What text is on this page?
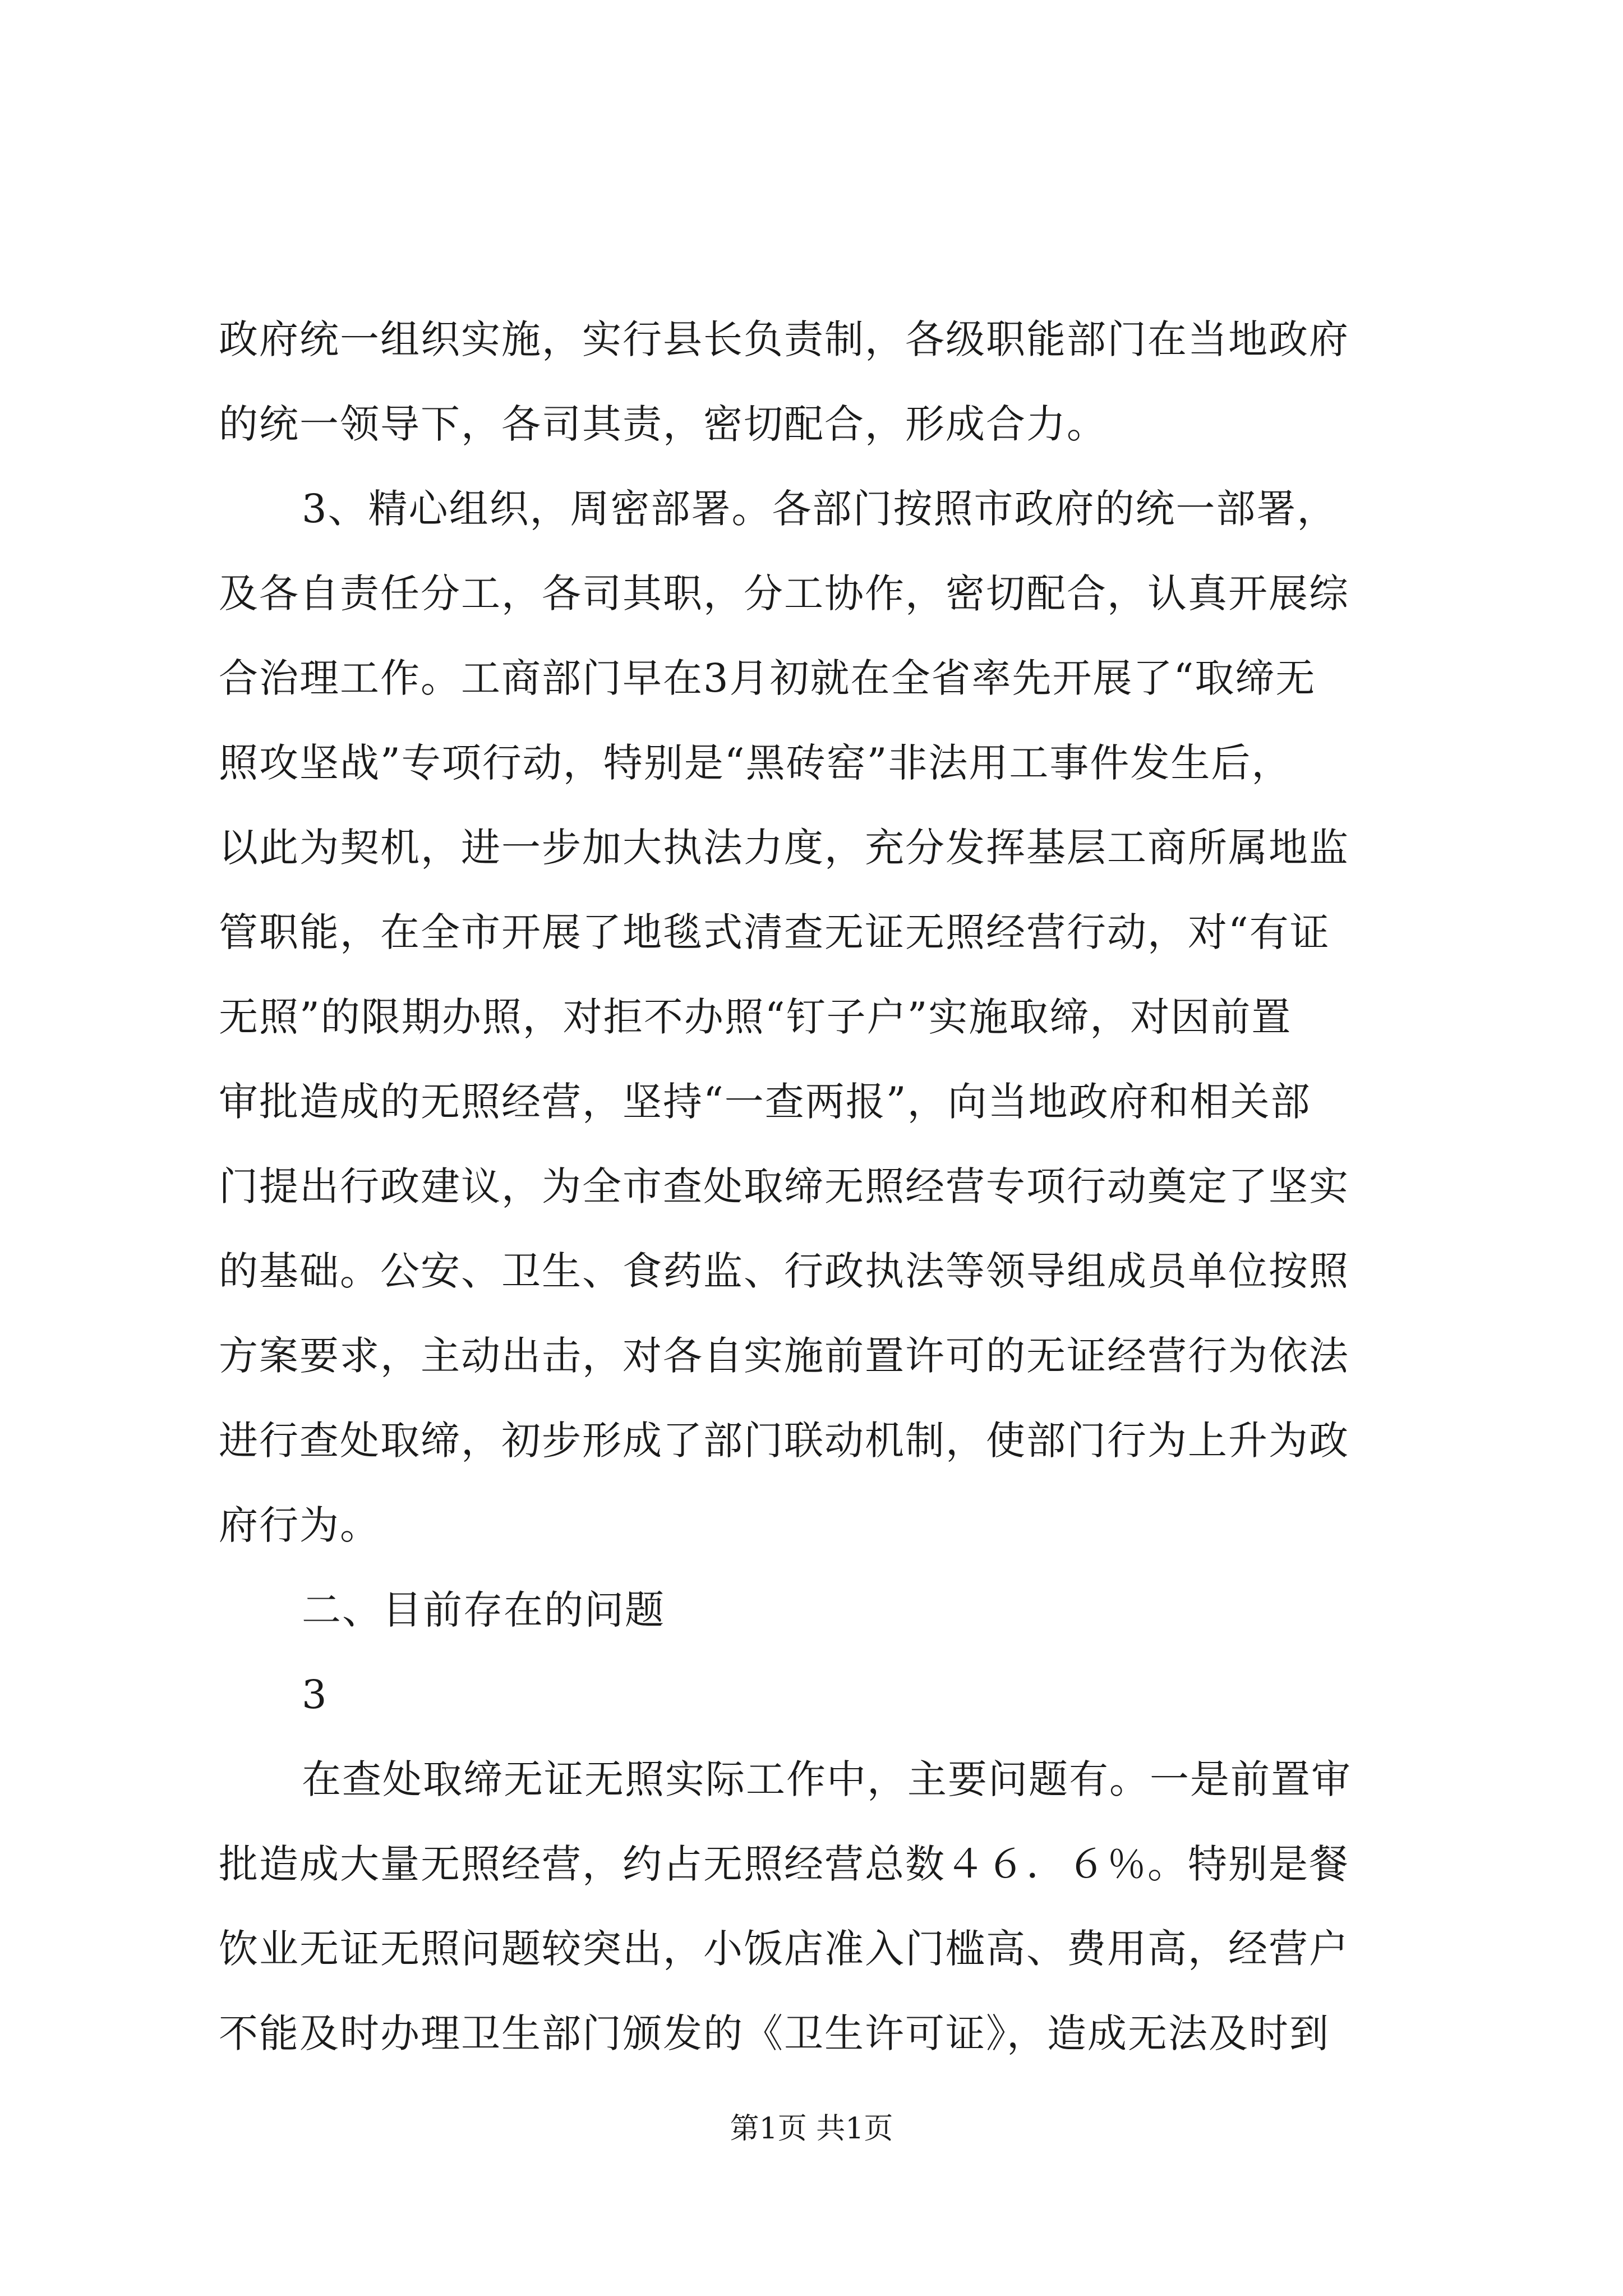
政府统一组织实施，实行县长负责制，各级职能部门在当地政府
的统一领导下，各司其责，密切配合，形成合力。
3、精心组织，周密部署。各部门按照市政府的统一部署，
及各自责任分工，各司其职，分工协作，密切配合，认真开展综
合治理工作。工商部门早在3月初就在全省率先开展了“取缔无
照攻坚战”专项行动，特别是“黑砖窑”非法用工事件发生后，
以此为契机，进一步加大执法力度，充分发挥基层工商所属地监
管职能，在全市开展了地毯式清查无证无照经营行动，对“有证
无照”的限期办照，对拒不办照“钉子户”实施取缔，对因前置
审批造成的无照经营，坚持“一查两报”，向当地政府和相关部
门提出行政建议，为全市查处取缔无照经营专项行动奠定了坚实
的基础。公安、卫生、食药监、行政执法等领导组成员单位按照
方案要求，主动出击，对各自实施前置许可的无证经营行为依法
进行查处取缔，初步形成了部门联动机制，使部门行为上升为政
府行为。
二、目前存在的问题
3
在查处取缔无证无照实际工作中，主要问题有。一是前置审
批造成大量无照经营，约占无照经营总数４６．６％。特别是餐
饮业无证无照问题较突出，小饭店准入门槛高、费用高，经营户
不能及时办理卫生部门颁发的《卫生许可证》，造成无法及时到
第1页 共1页
